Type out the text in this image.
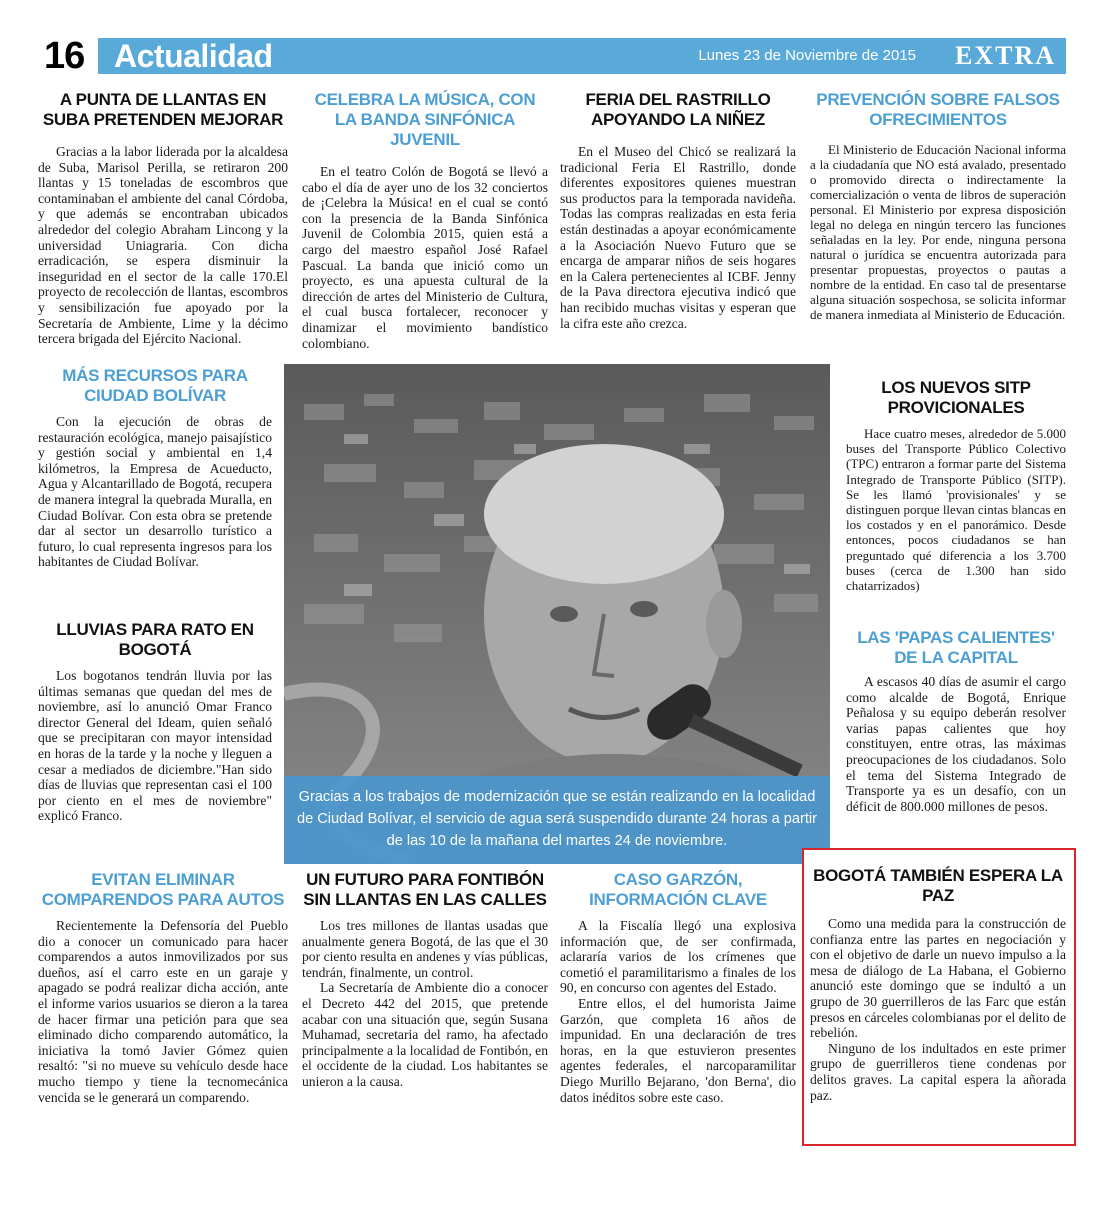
16 Actualidad	Lunes 23 de Noviembre de 2015 EXTRA
A PUNTA DE LLANTAS EN SUBA PRETENDEN MEJORAR

Gracias a la labor liderada por la alcaldesa de Suba, Marisol Perilla, se retiraron 200 llantas y 15 toneladas de escombros que contaminaban el ambiente del canal Córdoba, y que además se encontraban ubicados alrededor del colegio Abraham Lincong y la universidad Uniagraria. Con dicha erradicación, se espera disminuir la inseguridad en el sector de la calle 170.El proyecto de recolección de llantas, escombros y sensibilización fue apoyado por la Secretaría de Ambiente, Lime y la décimo tercera brigada del Ejército Nacional.

CELEBRA LA MÚSICA, CON LA BANDA SINFÓNICA JUVENIL

En el teatro Colón de Bogotá se llevó a cabo el día de ayer uno de los 32 conciertos de ¡Celebra la Música! en el cual se contó con la presencia de la Banda Sinfónica Juvenil de Colombia 2015, quien está a cargo del maestro español José Rafael Pascual. La banda que inició como un proyecto, es una apuesta cultural de la dirección de artes del Ministerio de Cultura, el cual busca fortalecer, reconocer y dinamizar el movimiento bandístico colombiano.

FERIA DEL RASTRILLO APOYANDO LA NIÑEZ

En el Museo del Chicó se realizará la tradicional Feria El Rastrillo, donde diferentes expositores quienes muestran sus productos para la temporada navideña. Todas las compras realizadas en esta feria están destinadas a apoyar económicamente a la Asociación Nuevo Futuro que se encarga de amparar niños de seis hogares en la Calera pertenecientes al ICBF. Jenny de la Pava directora ejecutiva indicó que han recibido muchas visitas y esperan que la cifra este año crezca.

PREVENCIÓN SOBRE FALSOS OFRECIMIENTOS

El Ministerio de Educación Nacional informa a la ciudadanía que NO está avalado, presentado o promovido directa o indirectamente la comercialización o venta de libros de superación personal. El Ministerio por expresa disposición legal no delega en ningún tercero las funciones señaladas en la ley. Por ende, ninguna persona natural o jurídica se encuentra autorizada para presentar propuestas, proyectos o pautas a nombre de la entidad. En caso tal de presentarse alguna situación sospechosa, se solicita informar de manera inmediata al Ministerio de Educación.

MÁS RECURSOS PARA CIUDAD BOLÍVAR

Con la ejecución de obras de restauración ecológica, manejo paisajístico y gestión social y ambiental en 1,4 kilómetros, la Empresa de Acueducto, Agua y Alcantarillado de Bogotá, recupera de manera integral la quebrada Muralla, en Ciudad Bolívar. Con esta obra se pretende dar al sector un desarrollo turístico a futuro, lo cual representa ingresos para los habitantes de Ciudad Bolívar.

LLUVIAS PARA RATO EN BOGOTÁ

Los bogotanos tendrán lluvia por las últimas semanas que quedan del mes de noviembre, así lo anunció Omar Franco director General del Ideam, quien señaló que se precipitaran con mayor intensidad en horas de la tarde y la noche y lleguen a cesar a mediados de diciembre."Han sido días de lluvias que representan casi el 100 por ciento en el mes de noviembre" explicó Franco.

Gracias a los trabajos de modernización que se están realizando en la localidad de Ciudad Bolívar, el servicio de agua será suspendido durante 24 horas a partir de las 10 de la mañana del martes 24 de noviembre.
LOS NUEVOS SITP PROVICIONALES

Hace cuatro meses, alrededor de 5.000 buses del Transporte Público Colectivo (TPC) entraron a formar parte del Sistema Integrado de Transporte Público (SITP). Se les llamó 'provisionales' y se distinguen porque llevan cintas blancas en los costados y en el panorámico. Desde entonces, pocos ciudadanos se han preguntado qué diferencia a los 3.700 buses (cerca de 1.300 han sido chatarrizados)

LAS 'PAPAS CALIENTES' DE LA CAPITAL

A escasos 40 días de asumir el cargo como alcalde de Bogotá, Enrique Peñalosa y su equipo deberán resolver varias papas calientes que hoy constituyen, entre otras, las máximas preocupaciones de los ciudadanos. Solo el tema del Sistema Integrado de Transporte ya es un desafío, con un déficit de 800.000 millones de pesos.

EVITAN ELIMINAR COMPARENDOS PARA AUTOS

Recientemente la Defensoría del Pueblo dio a conocer un comunicado para hacer comparendos a autos inmovilizados por sus dueños, así el carro este en un garaje y apagado se podrá realizar dicha acción, ante el informe varios usuarios se dieron a la tarea de hacer firmar una petición para que sea eliminado dicho comparendo automático, la iniciativa la tomó Javier Gómez quien resaltó: "si no mueve su vehículo desde hace mucho tiempo y tiene la tecnomecánica vencida se le generará un comparendo.

UN FUTURO PARA FONTIBÓN SIN LLANTAS EN LAS CALLES

Los tres millones de llantas usadas que anualmente genera Bogotá, de las que el 30 por ciento resulta en andenes y vías públicas, tendrán, finalmente, un control.

La Secretaría de Ambiente dio a conocer el Decreto 442 del 2015, que pretende acabar con una situación que, según Susana Muhamad, secretaria del ramo, ha afectado principalmente a la localidad de Fontibón, en el occidente de la ciudad. Los habitantes se unieron a la causa.

CASO GARZÓN, INFORMACIÓN CLAVE

A la Fiscalía llegó una explosiva información que, de ser confirmada, aclararía varios de los crímenes que cometió el paramilitarismo a finales de los 90, en concurso con agentes del Estado.

Entre ellos, el del humorista Jaime Garzón, que completa 16 años de impunidad. En una declaración de tres horas, en la que estuvieron presentes agentes federales, el narcoparamilitar Diego Murillo Bejarano, 'don Berna', dio datos inéditos sobre este caso.

BOGOTÁ TAMBIÉN ESPERA LA PAZ

Como una medida para la construcción de confianza entre las partes en negociación y con el objetivo de darle un nuevo impulso a la mesa de diálogo de La Habana, el Gobierno anunció este domingo que se indultó a un grupo de 30 guerrilleros de las Farc que están presos en cárceles colombianas por el delito de rebelión.

Ninguno de los indultados en este primer grupo de guerrilleros tiene condenas por delitos graves. La capital espera la añorada paz.
